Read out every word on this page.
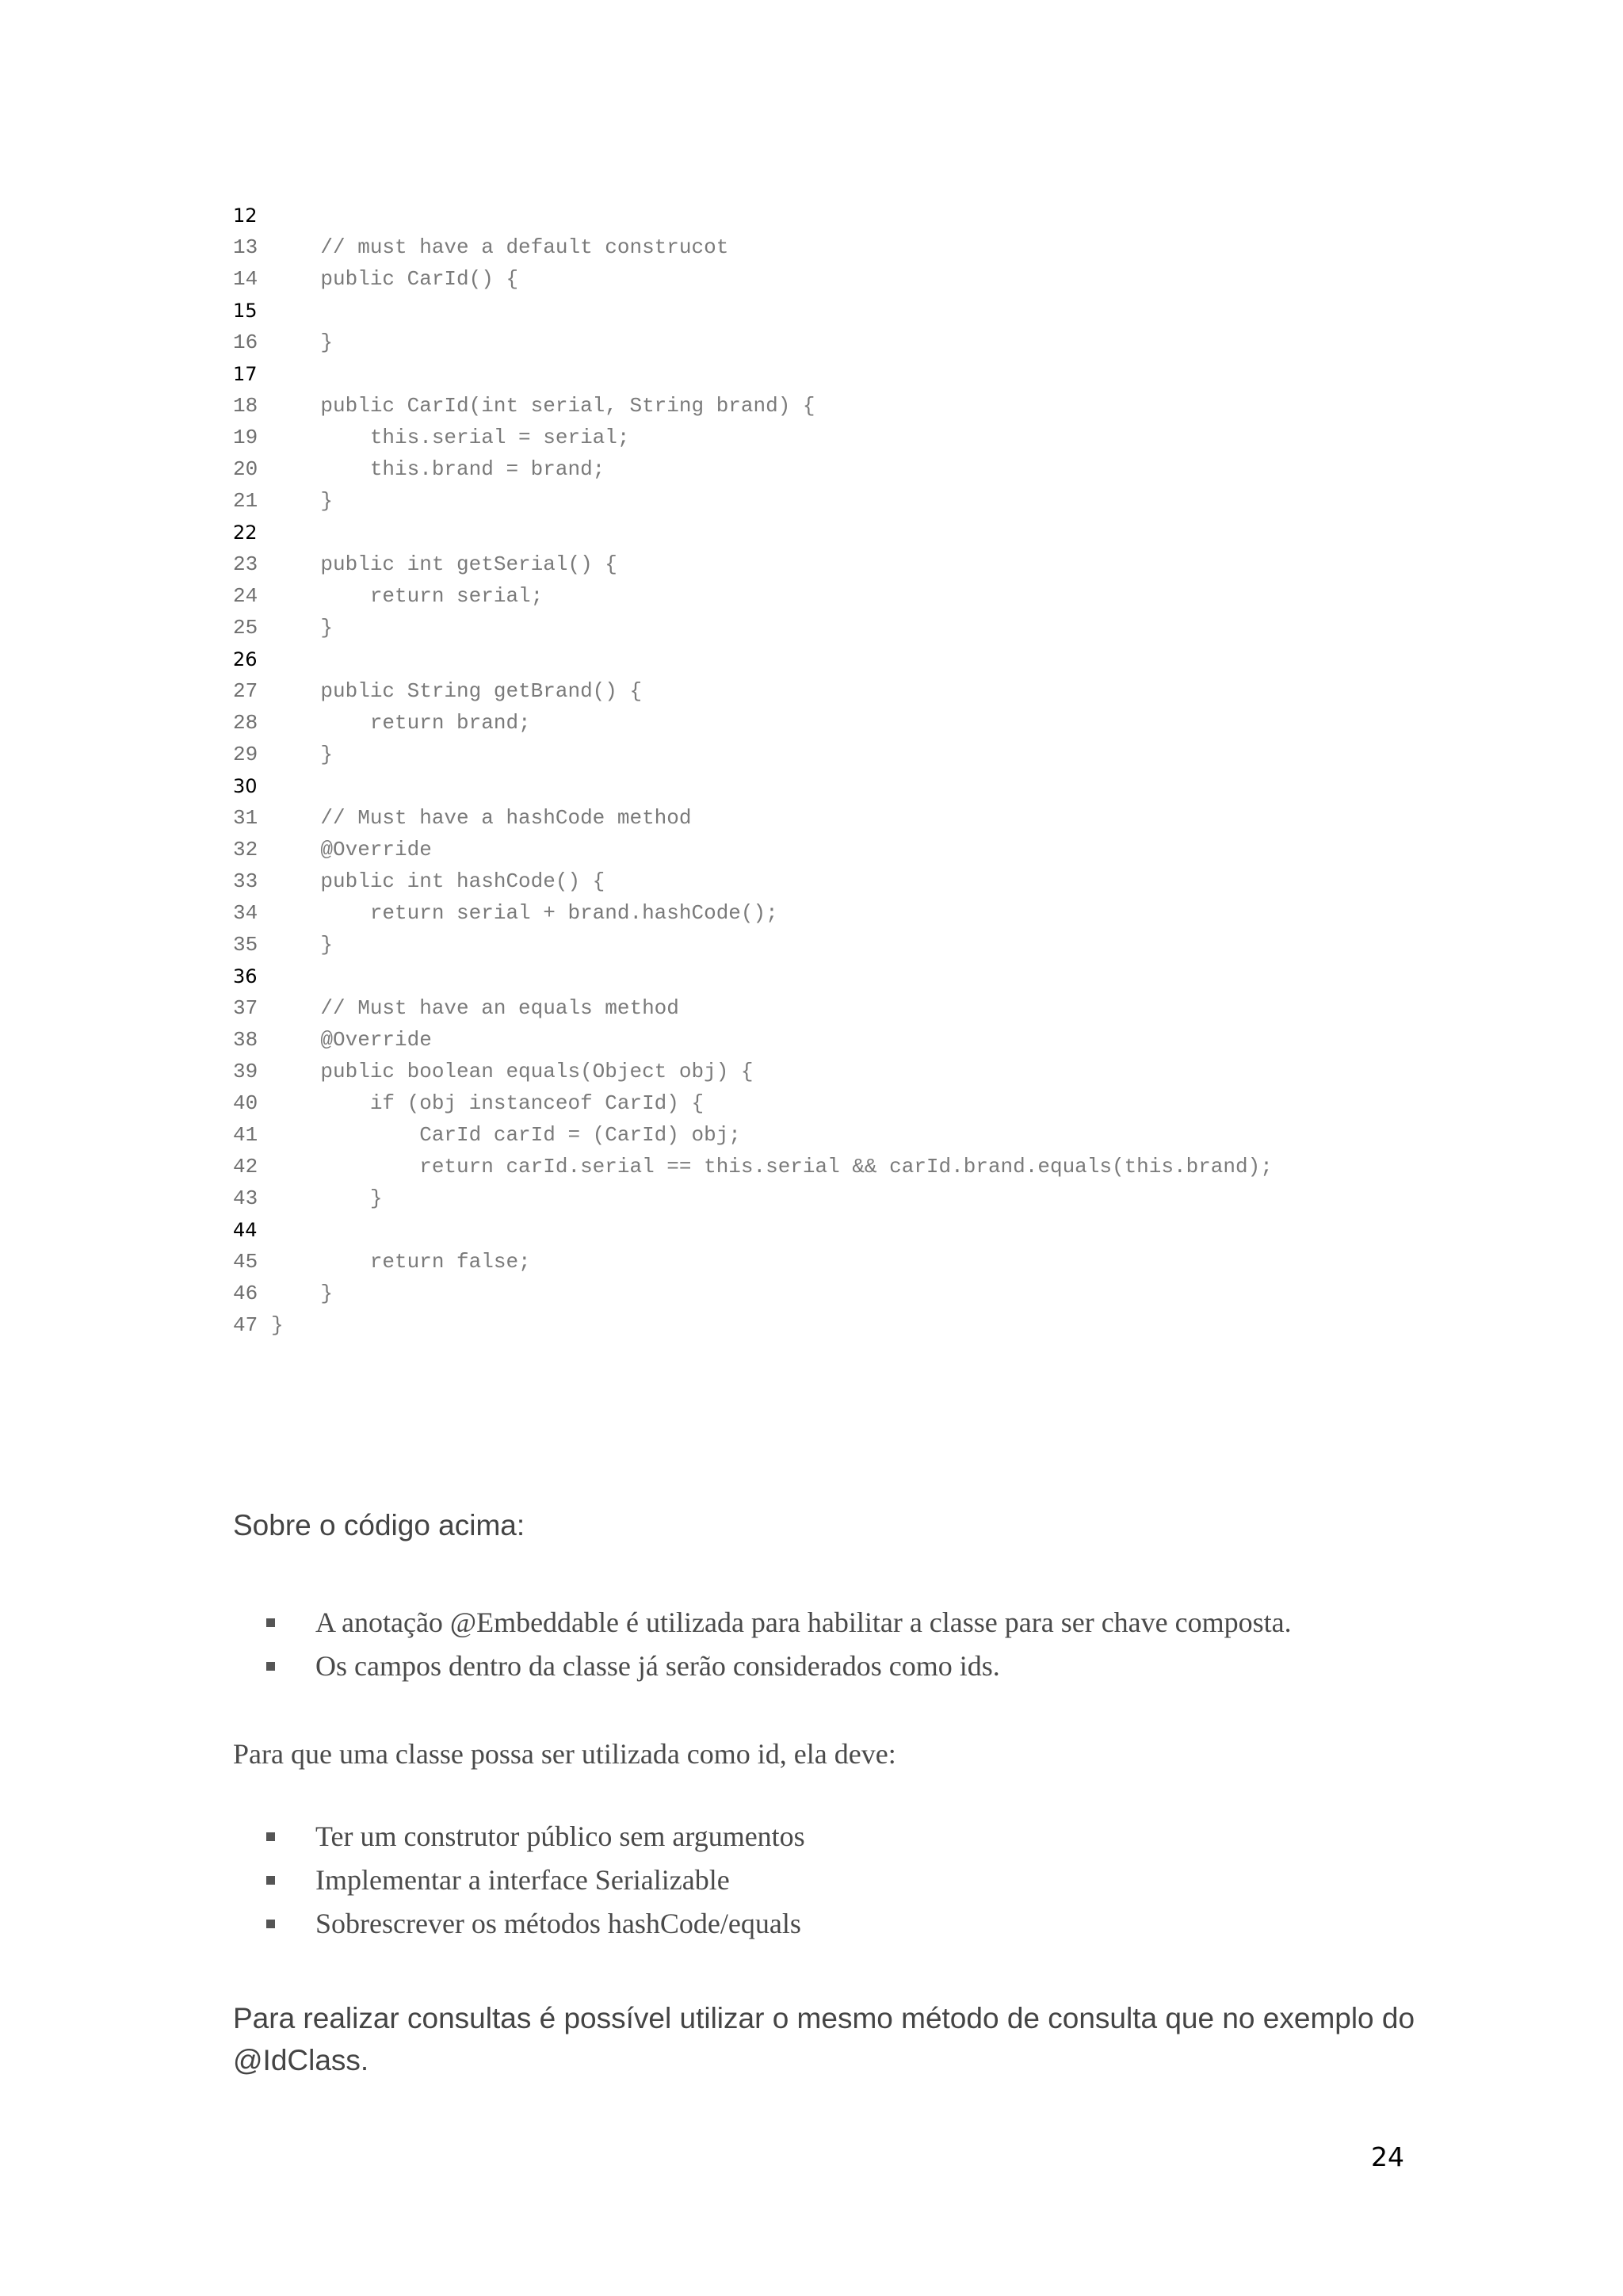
12
13    // must have a default construcot
14    public CarId() {
15
16    }
17
18    public CarId(int serial, String brand) {
19        this.serial = serial;
20        this.brand = brand;
21    }
22
23    public int getSerial() {
24        return serial;
25    }
26
27    public String getBrand() {
28        return brand;
29    }
30
31    // Must have a hashCode method
32    @Override
33    public int hashCode() {
34        return serial + brand.hashCode();
35    }
36
37    // Must have an equals method
38    @Override
39    public boolean equals(Object obj) {
40        if (obj instanceof CarId) {
41            CarId carId = (CarId) obj;
42            return carId.serial == this.serial && carId.brand.equals(this.brand);
43        }
44
45        return false;
46    }
47 }

Sobre o código acima:

A anotação @Embeddable é utilizada para habilitar a classe para ser chave composta.
Os campos dentro da classe já serão considerados como ids.

Para que uma classe possa ser utilizada como id, ela deve:

Ter um construtor público sem argumentos
Implementar a interface Serializable
Sobrescrever os métodos hashCode/equals

Para realizar consultas é possível utilizar o mesmo método de consulta que no exemplo do @IdClass.

24
